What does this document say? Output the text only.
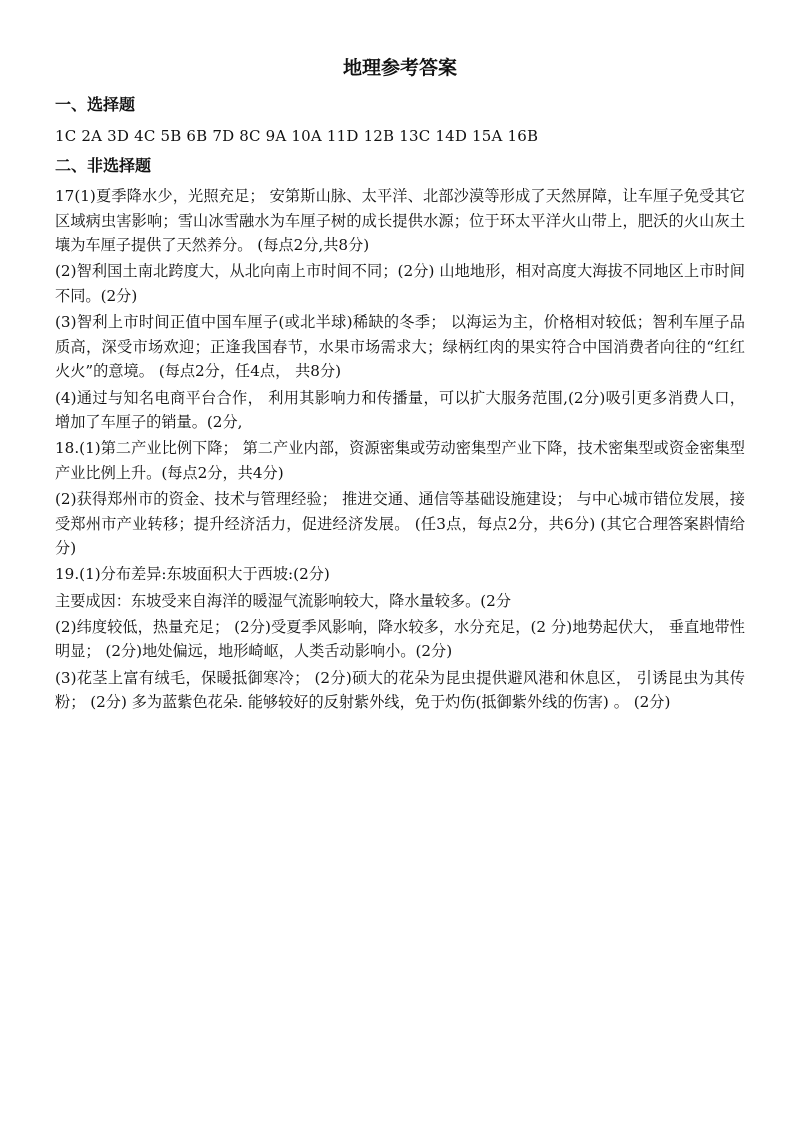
地理参考答案
一、选择题
1C 2A 3D 4C 5B 6B 7D 8C 9A 10A 11D 12B 13C 14D 15A 16B
二、非选择题

17(1)夏季降水少，光照充足； 安第斯山脉、太平洋、北部沙漠等形成了天然屏障，让车厘子免受其它区域病虫害影响；雪山冰雪融水为车厘子树的成长提供水源；位于环太平洋火山带上，肥沃的火山灰土壤为车厘子提供了天然养分。 (每点2分,共8分)

(2)智利国土南北跨度大，从北向南上市时间不同；(2分) 山地地形，相对高度大海拔不同地区上市时间不同。(2分)

(3)智利上市时间正值中国车厘子(或北半球)稀缺的冬季； 以海运为主，价格相对较低；智利车厘子品质高，深受市场欢迎；正逢我国春节，水果市场需求大；绿柄红肉的果实符合中国消费者向往的“红红火火”的意境。 (每点2分，任4点， 共8分)

(4)通过与知名电商平台合作， 利用其影响力和传播量，可以扩大服务范围,(2分)吸引更多消费人口，增加了车厘子的销量。(2分,

18.(1)第二产业比例下降； 第二产业内部，资源密集或劳动密集型产业下降，技术密集型或资金密集型产业比例上升。(每点2分，共4分)

(2)获得郑州市的资金、技术与管理经验； 推进交通、通信等基础设施建设； 与中心城市错位发展，接受郑州市产业转移；提升经济活力，促进经济发展。 (任3点，每点2分，共6分) (其它合理答案斟情给分)

19.(1)分布差异:东坡面积大于西坡:(2分)

主要成因：东坡受来自海洋的暖湿气流影响较大，降水量较多。(2分

(2)纬度较低，热量充足； (2分)受夏季风影响，降水较多，水分充足，(2 分)地势起伏大， 垂直地带性明显； (2分)地处偏远，地形崎岖，人类舌动影响小。(2分)

(3)花茎上富有绒毛，保暖抵御寒冷； (2分)硕大的花朵为昆虫提供避风港和休息区， 引诱昆虫为其传粉； (2分) 多为蓝紫色花朵. 能够较好的反射紫外线，免于灼伤(抵御紫外线的伤害) 。 (2分)
